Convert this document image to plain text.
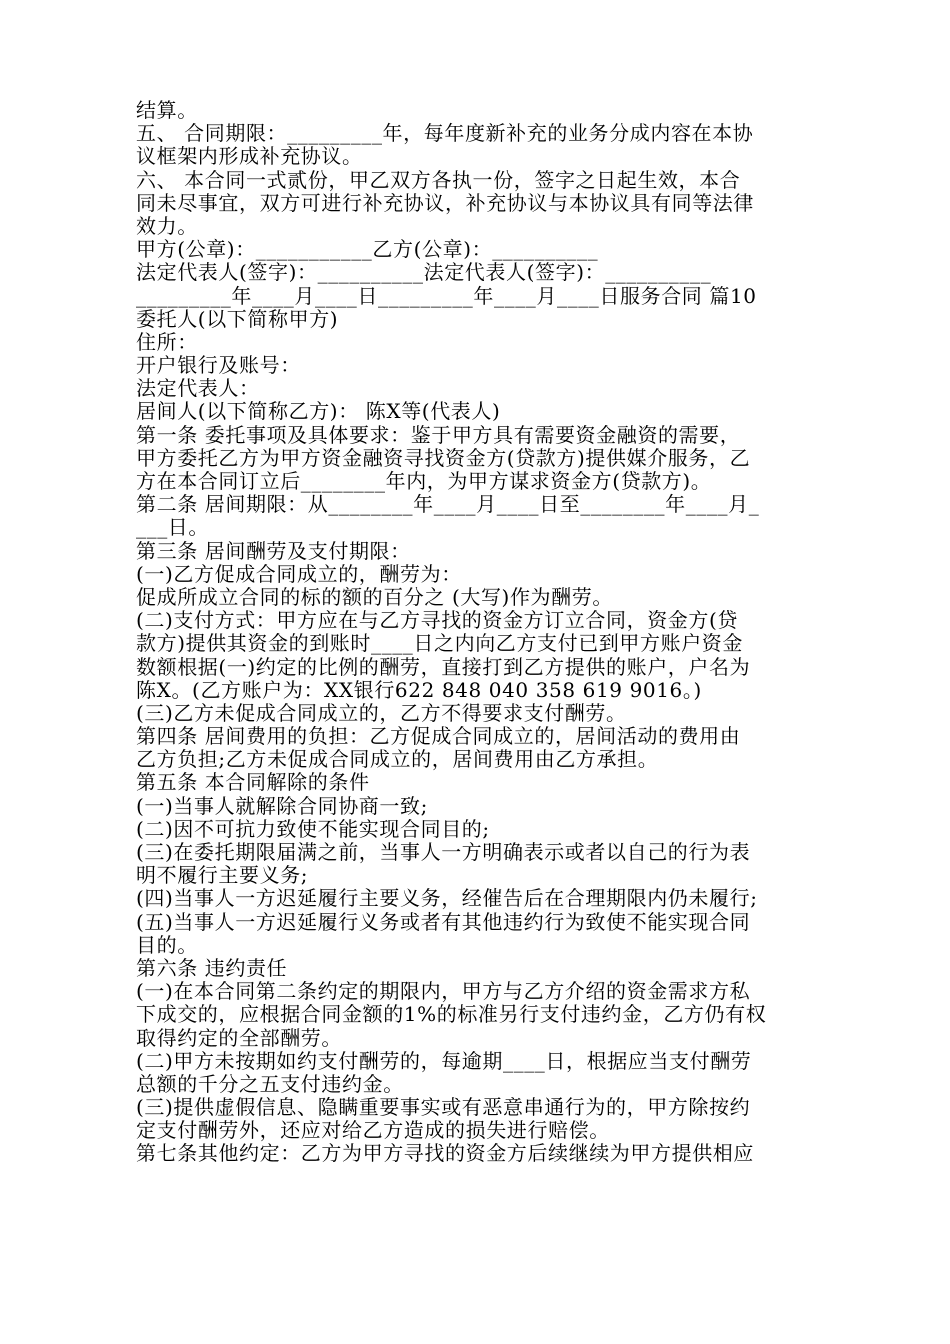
结算。
五、 合同期限：_________年，每年度新补充的业务分成内容在本协
议框架内形成补充协议。
六、 本合同一式贰份，甲乙双方各执一份，签字之日起生效，本合
同未尽事宜，双方可进行补充协议，补充协议与本协议具有同等法律
效力。
甲方(公章)：___________乙方(公章)：__________
法定代表人(签字)：__________法定代表人(签字)：__________
_________年____月____日_________年____月____日服务合同 篇10
委托人(以下简称甲方)
住所：
开户银行及账号：
法定代表人：
居间人(以下简称乙方)： 陈X等(代表人)
第一条 委托事项及具体要求：鉴于甲方具有需要资金融资的需要，
甲方委托乙方为甲方资金融资寻找资金方(贷款方)提供媒介服务，乙
方在本合同订立后________年内，为甲方谋求资金方(贷款方)。
第二条 居间期限：从________年____月____日至________年____月_
___日。
第三条 居间酬劳及支付期限：
(一)乙方促成合同成立的，酬劳为：
促成所成立合同的标的额的百分之 (大写)作为酬劳。
(二)支付方式：甲方应在与乙方寻找的资金方订立合同，资金方(贷
款方)提供其资金的到账时____日之内向乙方支付已到甲方账户资金
数额根据(一)约定的比例的酬劳，直接打到乙方提供的账户，户名为
陈X。(乙方账户为：XX银行622 848 040 358 619 9016。)
(三)乙方未促成合同成立的，乙方不得要求支付酬劳。
第四条 居间费用的负担：乙方促成合同成立的，居间活动的费用由
乙方负担;乙方未促成合同成立的，居间费用由乙方承担。
第五条 本合同解除的条件
(一)当事人就解除合同协商一致;
(二)因不可抗力致使不能实现合同目的;
(三)在委托期限届满之前，当事人一方明确表示或者以自己的行为表
明不履行主要义务;
(四)当事人一方迟延履行主要义务，经催告后在合理期限内仍未履行;
(五)当事人一方迟延履行义务或者有其他违约行为致使不能实现合同
目的。
第六条 违约责任
(一)在本合同第二条约定的期限内，甲方与乙方介绍的资金需求方私
下成交的，应根据合同金额的1%的标准另行支付违约金，乙方仍有权
取得约定的全部酬劳。
(二)甲方未按期如约支付酬劳的，每逾期____日，根据应当支付酬劳
总额的千分之五支付违约金。
(三)提供虚假信息、隐瞒重要事实或有恶意串通行为的，甲方除按约
定支付酬劳外，还应对给乙方造成的损失进行赔偿。
第七条其他约定：乙方为甲方寻找的资金方后续继续为甲方提供相应
